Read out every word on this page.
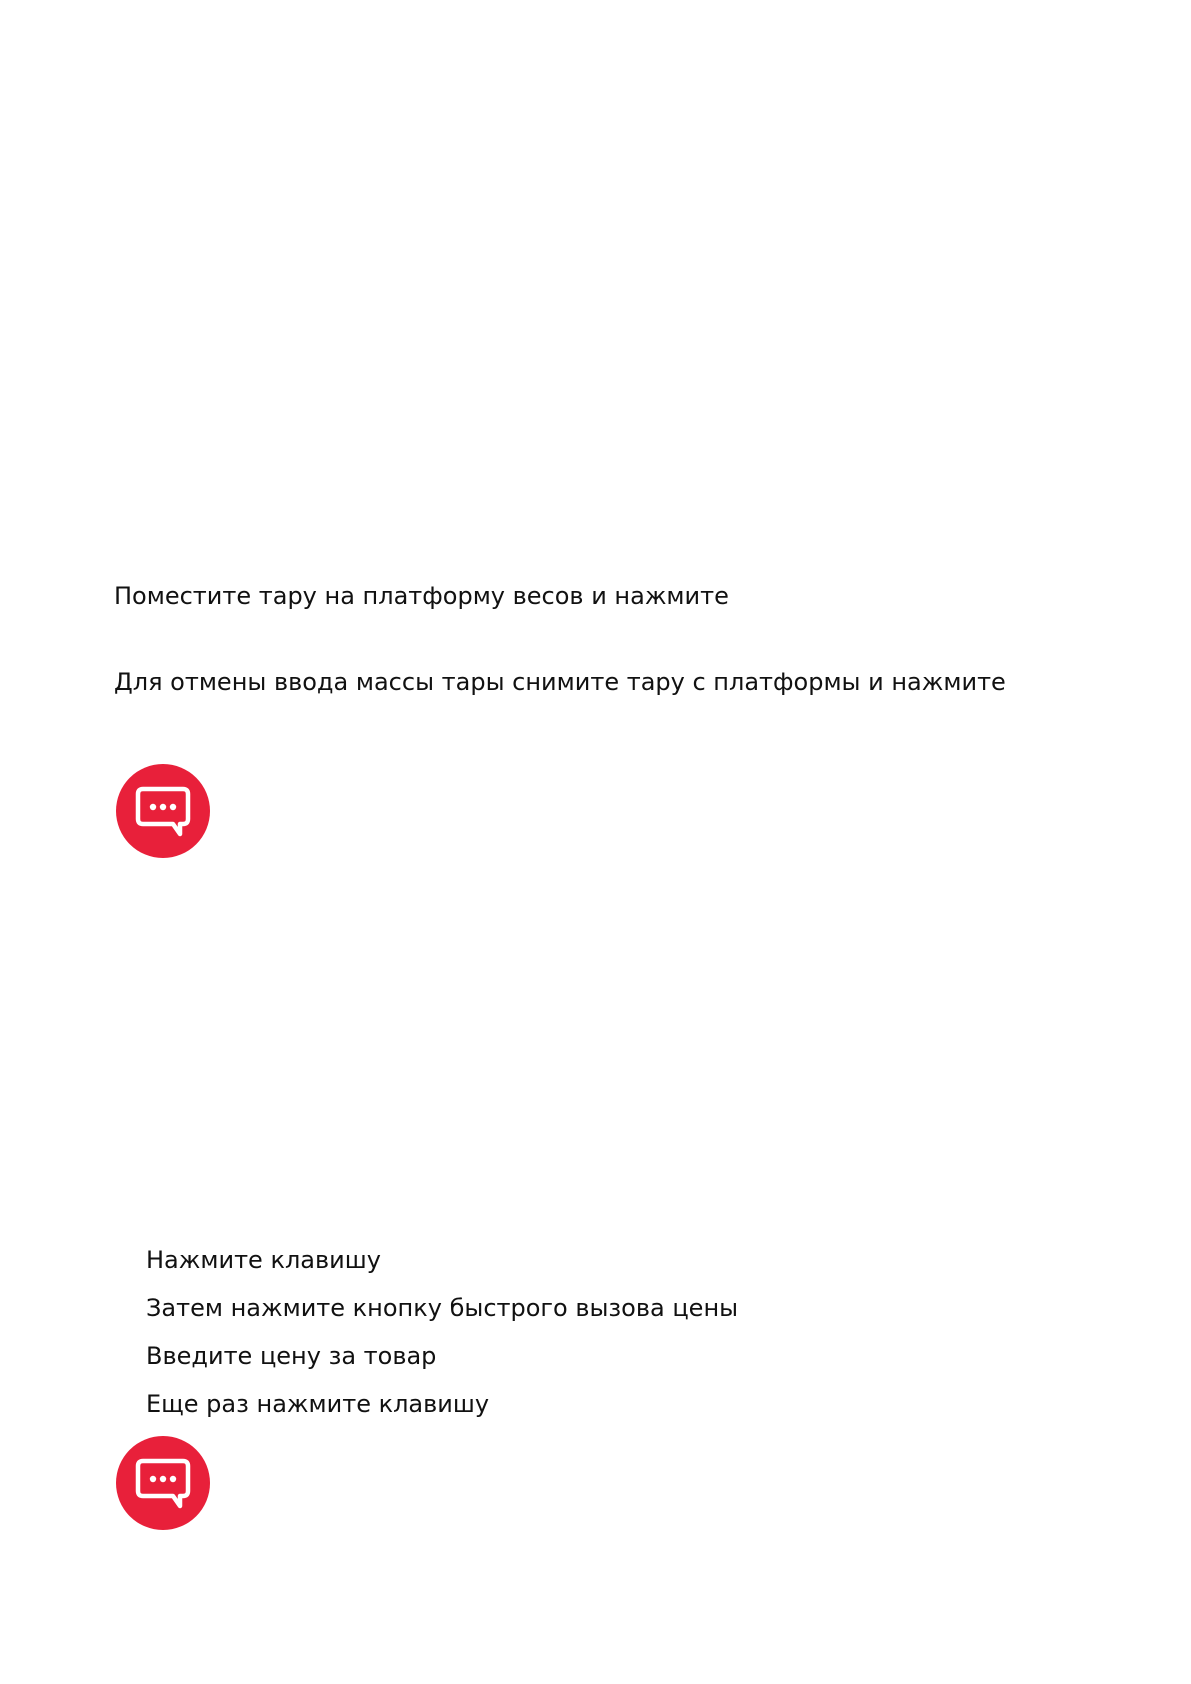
Поместите тару на платформу весов и нажмите

Для отмены ввода массы тары снимите тару с платформы и нажмите

Нажмите клавишу

Затем нажмите кнопку быстрого вызова цены

Введите цену за товар

Еще раз нажмите клавишу
